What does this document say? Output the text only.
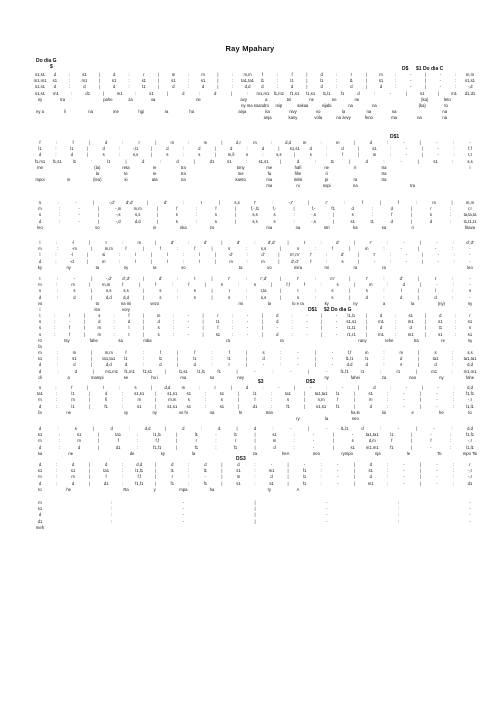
Ray Mpahary
Do dia G
$	D$ $1 Do dia C
s1,s1 d	:	s1	|	d	:	r	|	m	:	m	|	: m,m f	:	f	|	d	:	r	|	m	:	-	|	-	: m,m
m1,m1 s1	:	m1	|	s1	:	s1	|	s1	:	s1	|	: ta1,ta1 l1	:	l1	|	l1	:	l1	|	s1	:	-	|	-	: s1,s1
s1,s1 d	:	d	|	d	:	t1	|	d	:	d	|	:	d,d	d	:	d	|	d	:	d	|	d	:	-	|	-	:	-,d
s1,s1 m1	:	d1	|	m1	:	s1	|	d	:	d	|	: m1,m1 f1,m1 f1,s1 l1,s1 l1,l1 f1	d	:	-	|	s1	|	m1 d1,d1
ny	tra	pahe	za	va	ne	avy	a	tsi	ne	ne	ne	(ka)	leto
ny ma soandro mip	sakaa	vijabi	na	na	(ka)	to
ny a	li	na	me	hgi	ra	ha	anja	ka	nivy	vo	la	na	na	na
anja	kany	vola	na zevy	feno	ma	na	na
D$1
f	:	f	|	d	:	r	|	m	:	m	|	d,r	m	:	d,d	m	:	m	|	d	:	-	|	-	:	-
l1	:	l1	|	d	:	-,l1	|	d	:	d	|	d	:	d	| s1,s1 d	:	d	|	s1	:	-	|	-	:	f,f
d	:	d	|	s	:	s,s	|	s	:	s	|	m,fi	s	:	s,s	|	s	:	f	|	m	:	-	|	-	:	t,t
f1,m1 f1,s1	l1	:	l1	|	d	:	d	|	d1	s1	:	s1,s1	|	d	:	t1	|	d	:	-	|	s1	:	s,s
me	(la)	reta	re	tra	tony	me	hafi	ne	ri	tra	i
la	te	re	tra	me	fa	fihe	ri	tra
mpoi	ni	(leo)	ki	ata	na	kanto	ma	mitsi	pi	ra	tra
ma	ni	nopi	na	tra
s	:	-	|	-,d'	d',d'	|	d'	:	t	|	s,s	r'	:	-,r'	|	r'	:	f	|	f	:	m	|	m,m
m	:	-	|	-,m	m,m	|	f	:	f	|	f,-,l1	f,-	|	f,-	f1	d	:	d	|	r	:	r,r
s	:	-	|	-,s	s,s	|	s	:	s	|	s,s	s	:	-,s	|	s	:	f	|	s	:	ta,ta,ta
d	:	-	|	-,d	d,d	|	s	:	s	|	s,s	s	:	-,s	|	s1	t1	d	|	d	:	t1,t1,t1
leo	vo	ni	nka	zo	ma	na	ntri	ka	sa	ri	fitava
l	:	-l	|	t	:	m	|	d'	:	d'	|	d'	:	d',d'	|	t	:	d'	|	r'	:	-	|	-	:	d',d'
m	:	-m	|	m,m	f	|	f	:	f	|	s	:	s,s	|	s	:	f	|	m	:	-	|	-	:	-
l	:	-l	|	si	:	l	|	l	:	l	|	d'	:	d'	|	m',m' l'	:	d'	|	t'	:	-	|	-	:	-
d	:	-d	|	m	:	l	|	l	:	l	|	m	:	m	|	d',d'	l'	:	s	|	-	:	-	|	-	:	-
ky	ny	ta	ny	ra	vo	ta	vo	mira	mi	ra	ra	leo
t	:	-	|	-,d'	d',d'	|	d'	:	t	|	r'	:	r',d'	|	r'	:	m'	|	r'	:	d'	|	t	:	-
m	:	m	|	m,m	f	|	f	:	f	|	s	:	s	|	f,f	f	:	s	|	m	:	d	|	-	:	-
s	:	s	|	s,s	s,s	|	s	:	s	|	t	:	t,ta	|	t	:	s	|	s	:	l	|	l	:	s
d	:	d	|	d,d	d,d	|	s	:	s	|	s	:	s,s	|	s	:	s	|	d	:	d	|	d	:	-
vo	to	na mi	vezo	mi	la	lo e ra	ky	ny	a	la	(ny)	ny
i	leo	vory	D$1 $2 Do dia G
t	:	l	|	s	:	f	|	m	:	-	|	r	:	-	|	d	:	-	|	- l1,l1 |	d	:	s1	|	d	:	r
s	:	-	|	d	:	d	|	d	:	-	|	t1	:	-	|	d	:	-	|	- s1,s1 |	m1	:	m1	|	s1	:	s1
s	:	f	|	m	:	l	|	s	:	-	|	f	:	-	|	-	:	-	|	- t1,t1 |	d	:	d	|	t1	:	s
s	:	f	|	m	:	t	|	s	:	-	|	s1	:	-	|	d	:	-	|	- r1,r1 |	m1	:	m1	|	s1	:	s1
ro	tsy	fahe	sa	mba	ra	ra	rany	tehe	tra	re	ny
fa
m	:	m	|	m,m	f	:	f	|	f	:	f	|	s	:	-	|	-	f,f	m	:	m	|	s	:	s,s
s1	:	s1	| ta1,ta1 l1	:	l1	|	l1	:	l1	|	d	:	-	|	-	l1,l1	l1	:	d	|	ta1	: ta1,ta1
d	:	d	|	d,d	d	:	d	|	d	:	r	|	-	:	-	|	-	d,d	d	:	s	|	d	:	d,d
d	:	d	|	m1,m1 f1,m1 f1,s1	|	l1,s1 l1,l1	f1	|	-	:	-	|	-	f1,f1	r1	:	r1	|	m1	:	m1,m1
di	a	mampi	se	ho i	ma	so	ney	ny	fahei	za	neo	ny	fahe
$3	D$2
s	:	f	|	l	:	s	|	d,d	m	:	r	|	d	:	-	|	-	:	-	|	d	:	-	|	-	:	d,d
ta1	:	l1	|	d	:	s1,s1	|	s1,s1 s1	:	s1	|	l1	:	ta1	| ta1,ta1 l1	|	s1	:	-	|	-	:	f1,f1
m	:	m	|	fi	:	m	|	m,m	s	:	s	|	f	:	s	|	n,m	f	|	m	:	-	|	-	:	-,r
d	:	l1	|	f1	:	s1	|	s1,s1 s1	:	s1	|	d1	:	f1	|	s1,s1 f1	|	d	:	-	|	-	:	l1,l1
fa	ne	xy	ny	vo hi	na	hi	tran	ha le	loi	e	he	to
ry	la	neo
d	:	s	|	d	:	d,d	|	d	:	d	|	d	:	-	|	-	l1,l1	d	:	-	|	-	:	d,d
s1	:	s1	|	ta1	:	l1,l1	|	l1	:	l1	|	s1	:	-	|	-	ta1,ta1	l1	|	-	:	f1,f1
m	:	m	|	f	:	f,f	|	r	:	r	|	m	:	-	|	s	d,m	f	|	f	:	-,r
d	:	d	|	d1	:	f1,f1	|	f1	:	f1	|	d	:	-	|	s1	m1,m1	f1	|	-	:	l1,l1
sa	ne	de	sy	la	za	heA	neo	rympo	nja	le	To	mpo Tsi
DS3
d	:	d	|	d	:	d,d	|	d	:	d	|	d	:	-	|	-	:	-	|	d	:	-	|	-	:	r
s1	:	s1	|	ta1	:	l1,l1	|	l1	:	l1	|	s1	:	m1	|	f1	:	-	|	s1	:	-	|	-	:	-,r
m	:	m	|	f	:	f,f	|	r	:	-	|	m	:	d	|	l1	:	-	|	d	:	-	|	-	:	-,r
d	:	d	|	d1	:	f1,f1	|	f1	:	f1	|	s1	:	s1	|	f1	:	-	|	m1	:	-	|	-	:	d1
to	he	Ra	y	mpa	ha	ry	A
m	:	-	|	-	:	-
s1	:	-	|	-	:	-
d	:	-	|	-	:	-
d1	:	-	|	-	:	-
meh
